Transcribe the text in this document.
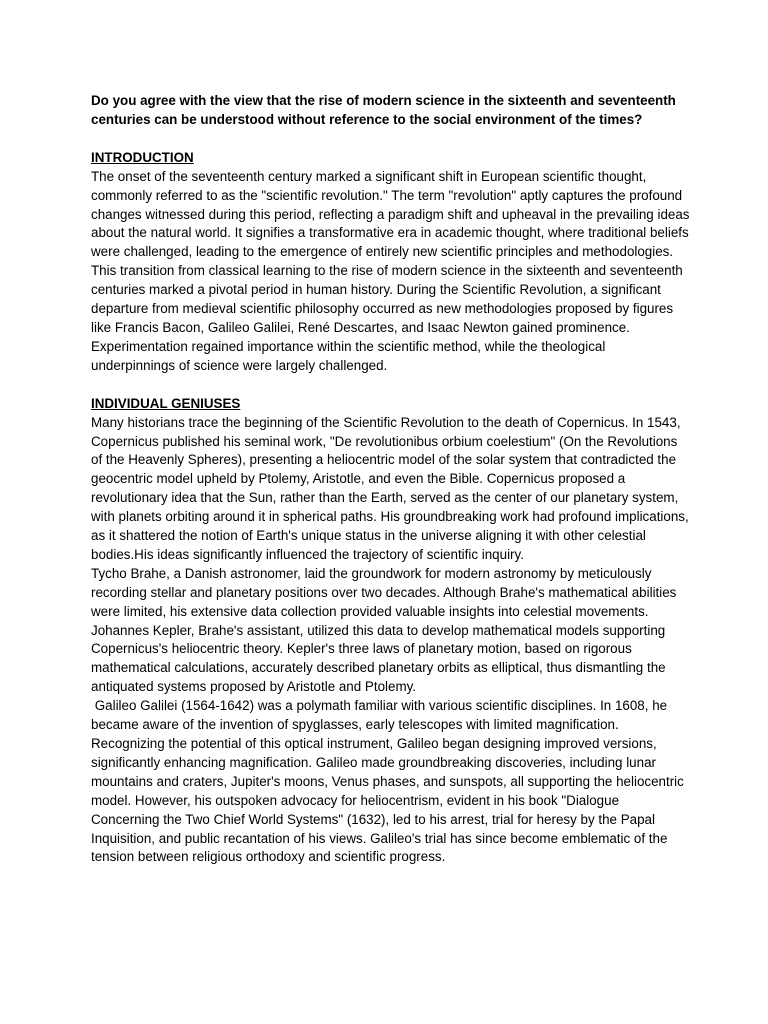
Do you agree with the view that the rise of modern science in the sixteenth and seventeenth centuries can be understood without reference to the social environment of the times?

INTRODUCTION

The onset of the seventeenth century marked a significant shift in European scientific thought, commonly referred to as the "scientific revolution." The term "revolution" aptly captures the profound changes witnessed during this period, reflecting a paradigm shift and upheaval in the prevailing ideas about the natural world. It signifies a transformative era in academic thought, where traditional beliefs were challenged, leading to the emergence of entirely new scientific principles and methodologies. This transition from classical learning to the rise of modern science in the sixteenth and seventeenth centuries marked a pivotal period in human history. During the Scientific Revolution, a significant departure from medieval scientific philosophy occurred as new methodologies proposed by figures like Francis Bacon, Galileo Galilei, René Descartes, and Isaac Newton gained prominence. Experimentation regained importance within the scientific method, while the theological underpinnings of science were largely challenged.

INDIVIDUAL GENIUSES

Many historians trace the beginning of the Scientific Revolution to the death of Copernicus. In 1543, Copernicus published his seminal work, "De revolutionibus orbium coelestium" (On the Revolutions of the Heavenly Spheres), presenting a heliocentric model of the solar system that contradicted the geocentric model upheld by Ptolemy, Aristotle, and even the Bible. Copernicus proposed a revolutionary idea that the Sun, rather than the Earth, served as the center of our planetary system, with planets orbiting around it in spherical paths. His groundbreaking work had profound implications, as it shattered the notion of Earth's unique status in the universe aligning it with other celestial bodies.His ideas significantly influenced the trajectory of scientific inquiry.

Tycho Brahe, a Danish astronomer, laid the groundwork for modern astronomy by meticulously recording stellar and planetary positions over two decades. Although Brahe's mathematical abilities were limited, his extensive data collection provided valuable insights into celestial movements. Johannes Kepler, Brahe's assistant, utilized this data to develop mathematical models supporting Copernicus's heliocentric theory. Kepler's three laws of planetary motion, based on rigorous mathematical calculations, accurately described planetary orbits as elliptical, thus dismantling the antiquated systems proposed by Aristotle and Ptolemy.

Galileo Galilei (1564-1642) was a polymath familiar with various scientific disciplines. In 1608, he became aware of the invention of spyglasses, early telescopes with limited magnification. Recognizing the potential of this optical instrument, Galileo began designing improved versions, significantly enhancing magnification. Galileo made groundbreaking discoveries, including lunar mountains and craters, Jupiter's moons, Venus phases, and sunspots, all supporting the heliocentric model. However, his outspoken advocacy for heliocentrism, evident in his book "Dialogue Concerning the Two Chief World Systems" (1632), led to his arrest, trial for heresy by the Papal Inquisition, and public recantation of his views. Galileo's trial has since become emblematic of the tension between religious orthodoxy and scientific progress.
